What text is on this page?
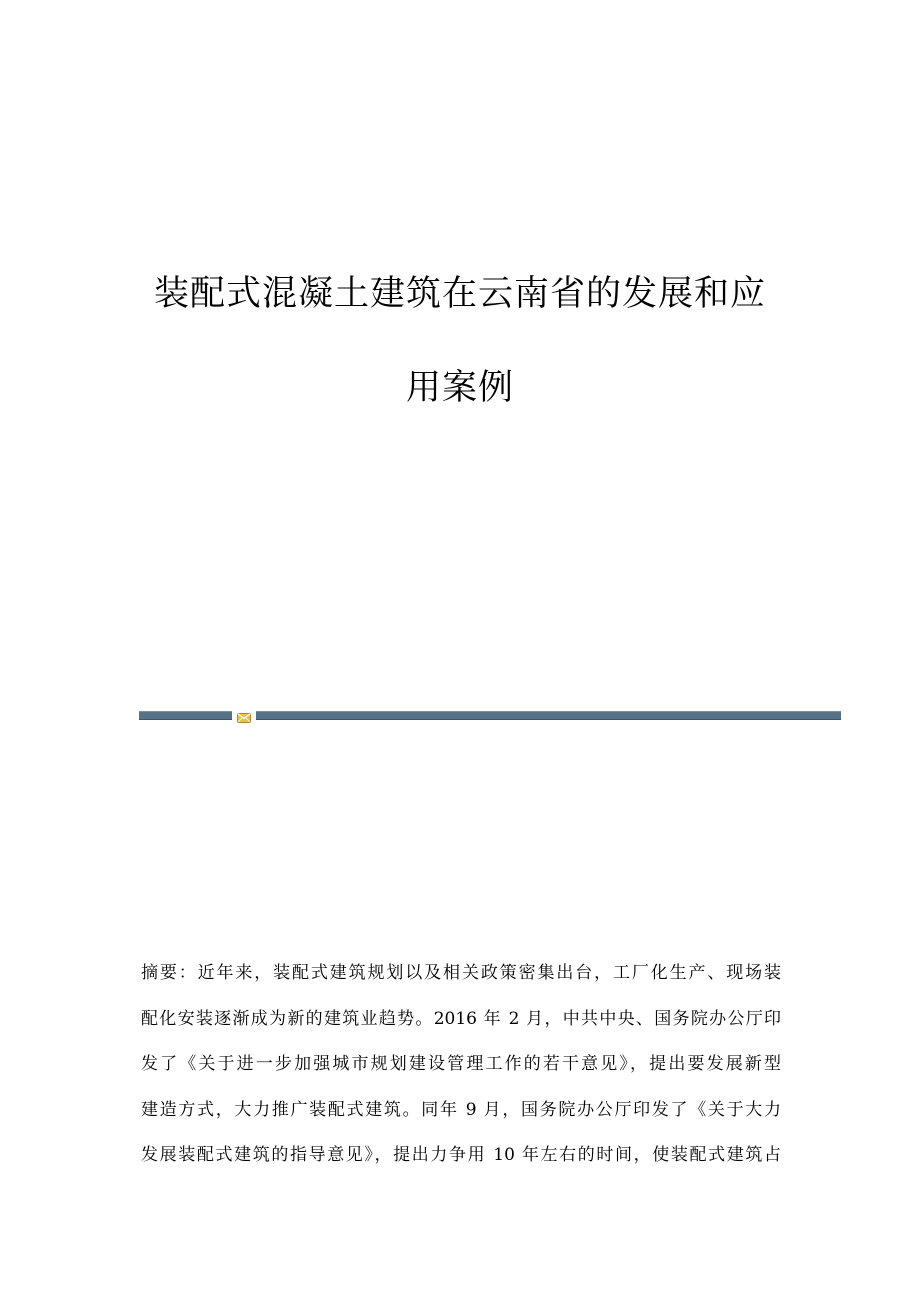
装配式混凝土建筑在云南省的发展和应
用案例
摘要：近年来，装配式建筑规划以及相关政策密集出台，工厂化生产、现场装
配化安装逐渐成为新的建筑业趋势。2016 年 2 月，中共中央、国务院办公厅印
发了《关于进一步加强城市规划建设管理工作的若干意见》，提出要发展新型
建造方式，大力推广装配式建筑。同年 9 月，国务院办公厅印发了《关于大力
发展装配式建筑的指导意见》，提出力争用 10 年左右的时间，使装配式建筑占
